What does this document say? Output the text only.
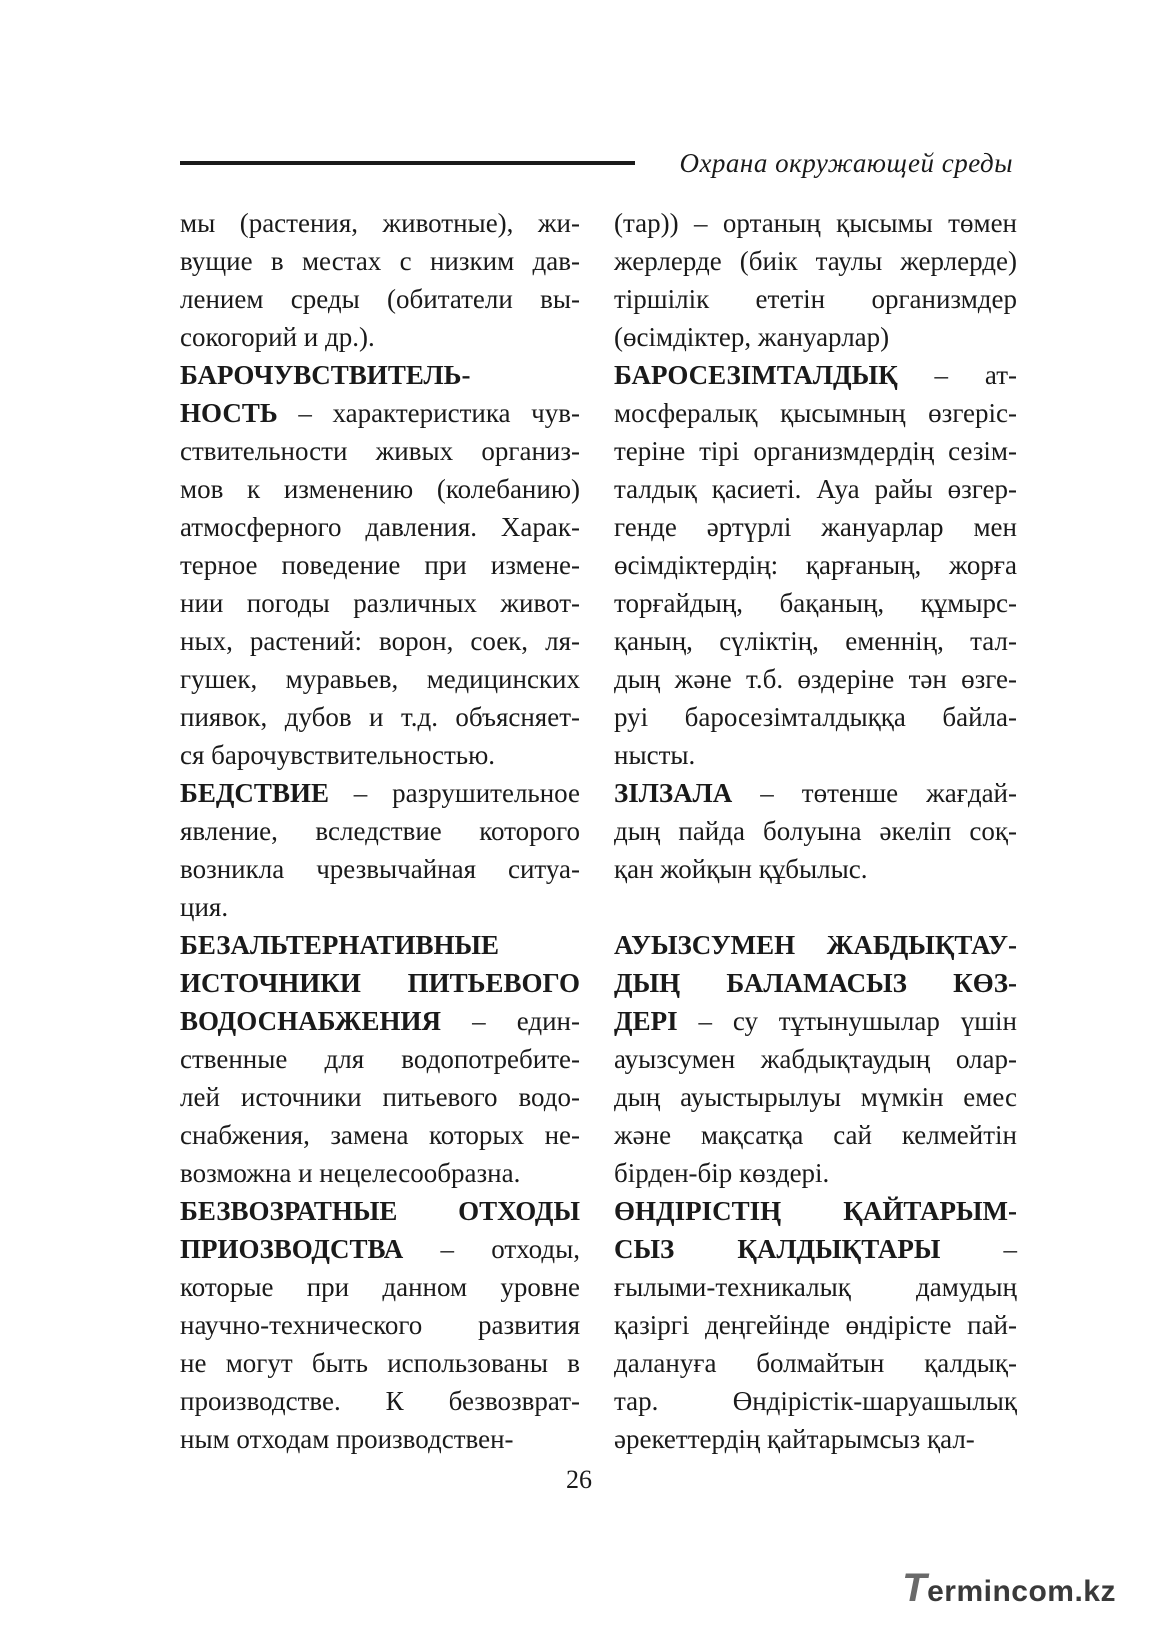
Охрана окружающей среды
мы (растения, животные), жи-
вущие в местах с низким дав-
лением среды (обитатели вы-
сокогорий и др.).
БАРОЧУВСТВИТЕЛЬ-
НОСТЬ – характеристика чув-
ствительности живых организ-
мов к изменению (колебанию)
атмосферного давления. Харак-
терное поведение при измене-
нии погоды различных живот-
ных, растений: ворон, соек, ля-
гушек, муравьев, медицинских
пиявок, дубов и т.д. объясняет-
ся барочувствительностью.
БЕДСТВИЕ – разрушительное
явление, вследствие которого
возникла чрезвычайная ситуа-
ция.
БЕЗАЛЬТЕРНАТИВНЫЕ
ИСТОЧНИКИ ПИТЬЕВОГО
ВОДОСНАБЖЕНИЯ – един-
ственные для водопотребите-
лей источники питьевого водо-
снабжения, замена которых не-
возможна и нецелесообразна.
БЕЗВОЗРАТНЫЕ ОТХОДЫ
ПРИОЗВОДСТВА – отходы,
которые при данном уровне
научно-технического развития
не могут быть использованы в
производстве. К безвозврат-
ным отходам производствен-
(тар)) – ортаның қысымы төмен
жерлерде (биік таулы жерлерде)
тіршілік ететін организмдер
(өсімдіктер, жануарлар)
БАРОСЕЗІМТАЛДЫҚ – ат-
мосфералық қысымның өзгеріс-
теріне тірі организмдердің сезім-
талдық қасиеті. Ауа райы өзгер-
генде әртүрлі жануарлар мен
өсімдіктердің: қарғаның, жорға
торғайдың, бақаның, құмырс-
қаның, сүліктің, еменнің, тал-
дың және т.б. өздеріне тән өзге-
руі баросезімталдыққа байла-
нысты.
ЗІЛЗАЛА – төтенше жағдай-
дың пайда болуына әкеліп соқ-
қан жойқын құбылыс.
АУЫЗСУМЕН ЖАБДЫҚТАУ-
ДЫҢ БАЛАМАСЫЗ КӨЗ-
ДЕРІ – су тұтынушылар үшін
ауызсумен жабдықтаудың олар-
дың ауыстырылуы мүмкін емес
және мақсатқа сай келмейтін
бірден-бір көздері.
ӨНДІРІСТІҢ ҚАЙТАРЫМ-
СЫЗ ҚАЛДЫҚТАРЫ –
ғылыми-техникалық дамудың
қазіргі деңгейінде өндірісте пай-
далануға болмайтын қалдық-
тар. Өндірістік-шаруашылық
әрекеттердің қайтарымсыз қал-
26
Termincom.kz
